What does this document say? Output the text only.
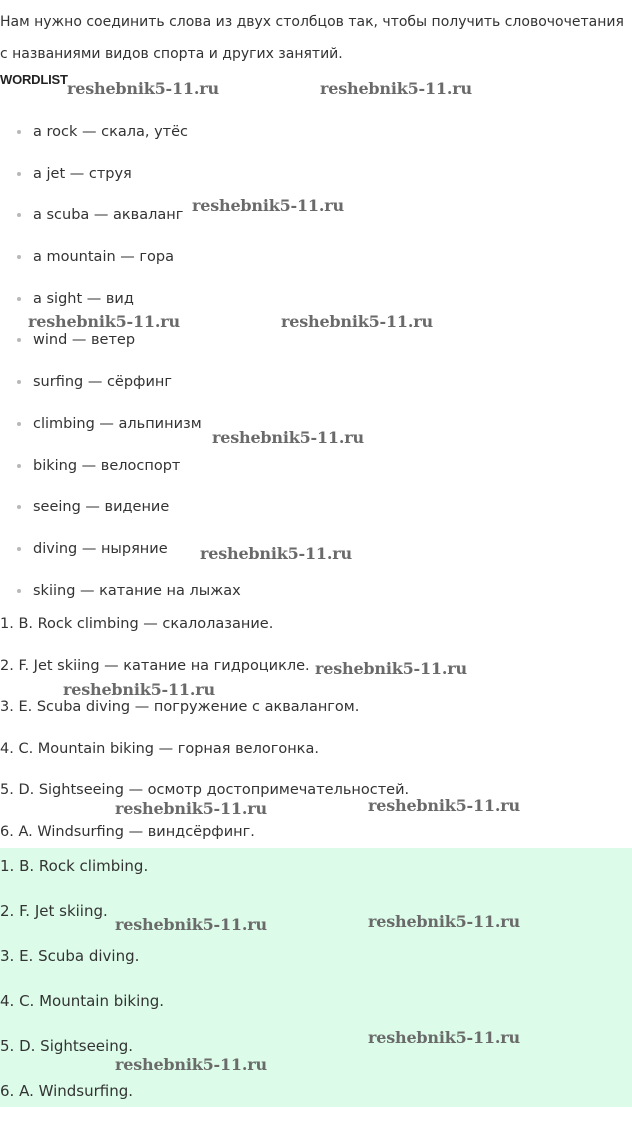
Нам нужно соединить слова из двух столбцов так, чтобы получить словочочетания с названиями видов спорта и других занятий.

WORDLIST
a rock — скала, утёс
a jet — струя
a scuba — акваланг
a mountain — гора
a sight — вид
wind — ветер
surfing — сёрфинг
climbing — альпинизм
biking — велоспорт
seeing — видение
diving — ныряние
skiing — катание на лыжах
1. B. Rock climbing — скалолазание.
2. F. Jet skiing — катание на гидроцикле.
3. E. Scuba diving — погружение с аквалангом.
4. C. Mountain biking — горная велогонка.
5. D. Sightseeing — осмотр достопримечательностей.
6. A. Windsurfing — виндсёрфинг.
1. B. Rock climbing.
2. F. Jet skiing.
3. E. Scuba diving.
4. C. Mountain biking.
5. D. Sightseeing.
6. A. Windsurfing.
reshebnik5-11.ru	reshebnik5-11.ru
reshebnik5-11.ru
reshebnik5-11.ru	reshebnik5-11.ru
reshebnik5-11.ru
reshebnik5-11.ru
reshebnik5-11.ru
reshebnik5-11.ru
reshebnik5-11.ru	reshebnik5-11.ru
reshebnik5-11.ru	reshebnik5-11.ru
reshebnik5-11.ru
reshebnik5-11.ru
